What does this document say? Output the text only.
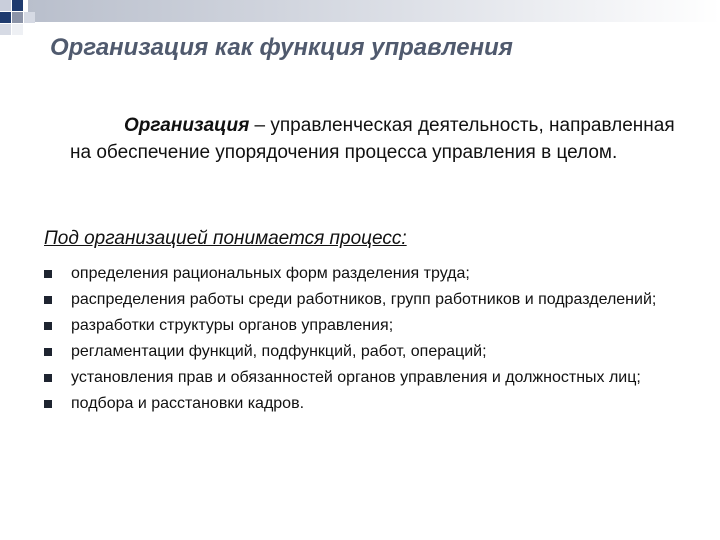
Организация как функция управления

Организация – управленческая деятельность, направленная на обеспечение упорядочения процесса управления в целом.

Под организацией понимается процесс:

определения рациональных форм разделения труда;
распределения работы среди работников, групп работников и подразделений;
разработки структуры органов управления;
регламентации функций, подфункций, работ, операций;
установления прав и обязанностей органов управления и должностных лиц;
подбора и расстановки кадров.
